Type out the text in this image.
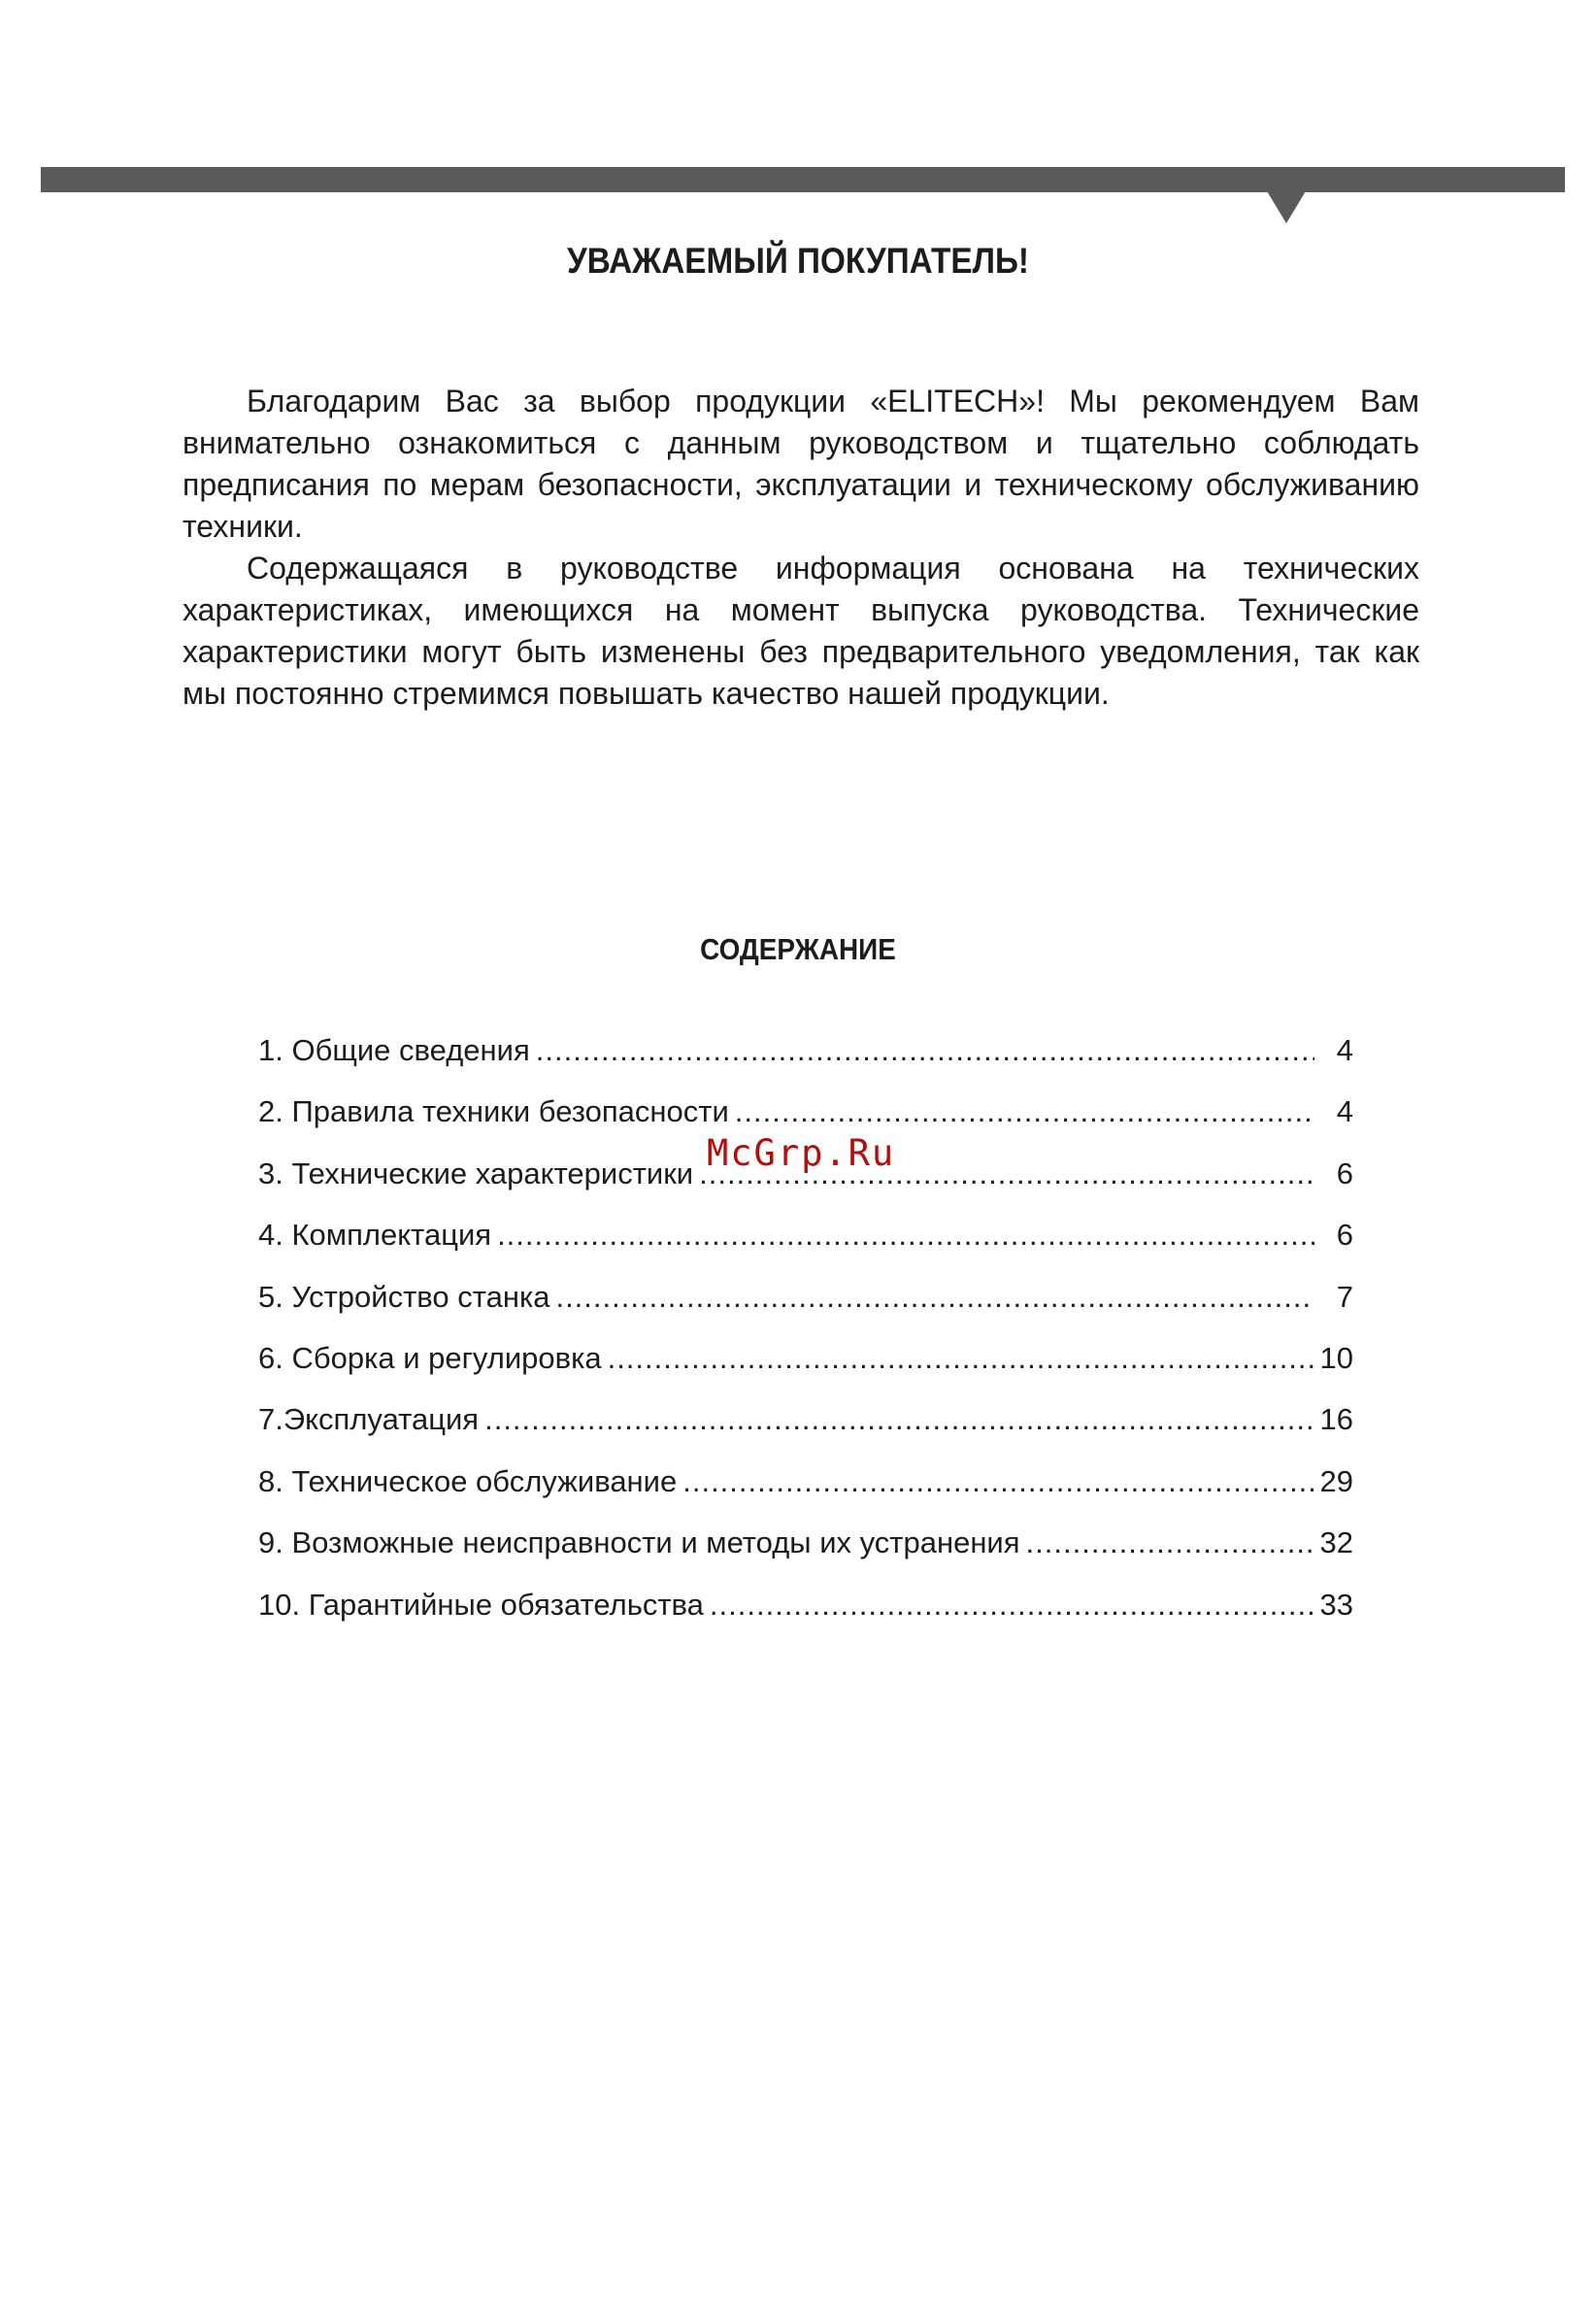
УВАЖАЕМЫЙ ПОКУПАТЕЛЬ!

Благодарим Вас за выбор продукции «ELITECH»! Мы рекомендуем Вам внимательно ознакомиться с данным руководством и тщательно соблюдать предписания по мерам безопасности, эксплуатации и техническому обслуживанию техники.

Содержащаяся в руководстве информация основана на технических характеристиках, имеющихся на момент выпуска руководства. Технические характеристики могут быть изменены без предварительного уведомления, так как мы постоянно стремимся повышать качество нашей продукции.

СОДЕРЖАНИЕ
1. Общие сведения .....	4
2. Правила техники безопасности .....	4
3. Технические характеристики .....	6
4. Комплектация .....	6
5. Устройство станка .....	7
6. Сборка и регулировка .....	10
7.Эксплуатация .....	16
8. Техническое обслуживание .....	29
9. Возможные неисправности и методы их устранения .....	32
10. Гарантийные обязательства .....	33
McGrp.Ru
